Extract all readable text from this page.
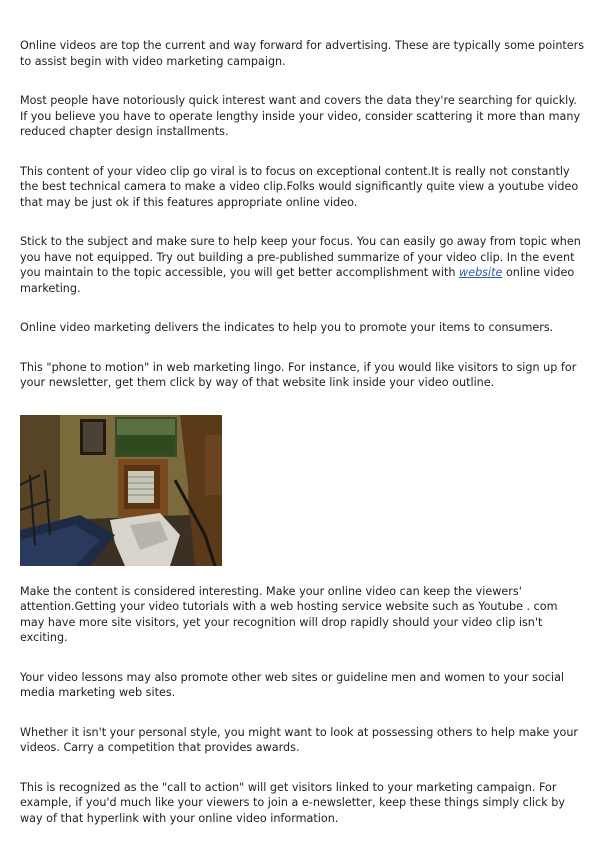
Online videos are top the current and way forward for advertising. These are typically some pointers to assist begin with video marketing campaign.

Most people have notoriously quick interest want and covers the data they're searching for quickly. If you believe you have to operate lengthy inside your video, consider scattering it more than many reduced chapter design installments.

This content of your video clip go viral is to focus on exceptional content.It is really not constantly the best technical camera to make a video clip.Folks would significantly quite view a youtube video that may be just ok if this features appropriate online video.

Stick to the subject and make sure to help keep your focus. You can easily go away from topic when you have not equipped. Try out building a pre-published summarize of your video clip. In the event you maintain to the topic accessible, you will get better accomplishment with website online video marketing.

Online video marketing delivers the indicates to help you to promote your items to consumers.

This "phone to motion" in web marketing lingo. For instance, if you would like visitors to sign up for your newsletter, get them click by way of that website link inside your video outline.

Make the content is considered interesting. Make your online video can keep the viewers' attention.Getting your video tutorials with a web hosting service website such as Youtube . com may have more site visitors, yet your recognition will drop rapidly should your video clip isn't exciting.

Your video lessons may also promote other web sites or guideline men and women to your social media marketing web sites.

Whether it isn't your personal style, you might want to look at possessing others to help make your videos. Carry a competition that provides awards.

This is recognized as the "call to action" will get visitors linked to your marketing campaign. For example, if you'd much like your viewers to join a e-newsletter, keep these things simply click by way of that hyperlink with your online video information.
